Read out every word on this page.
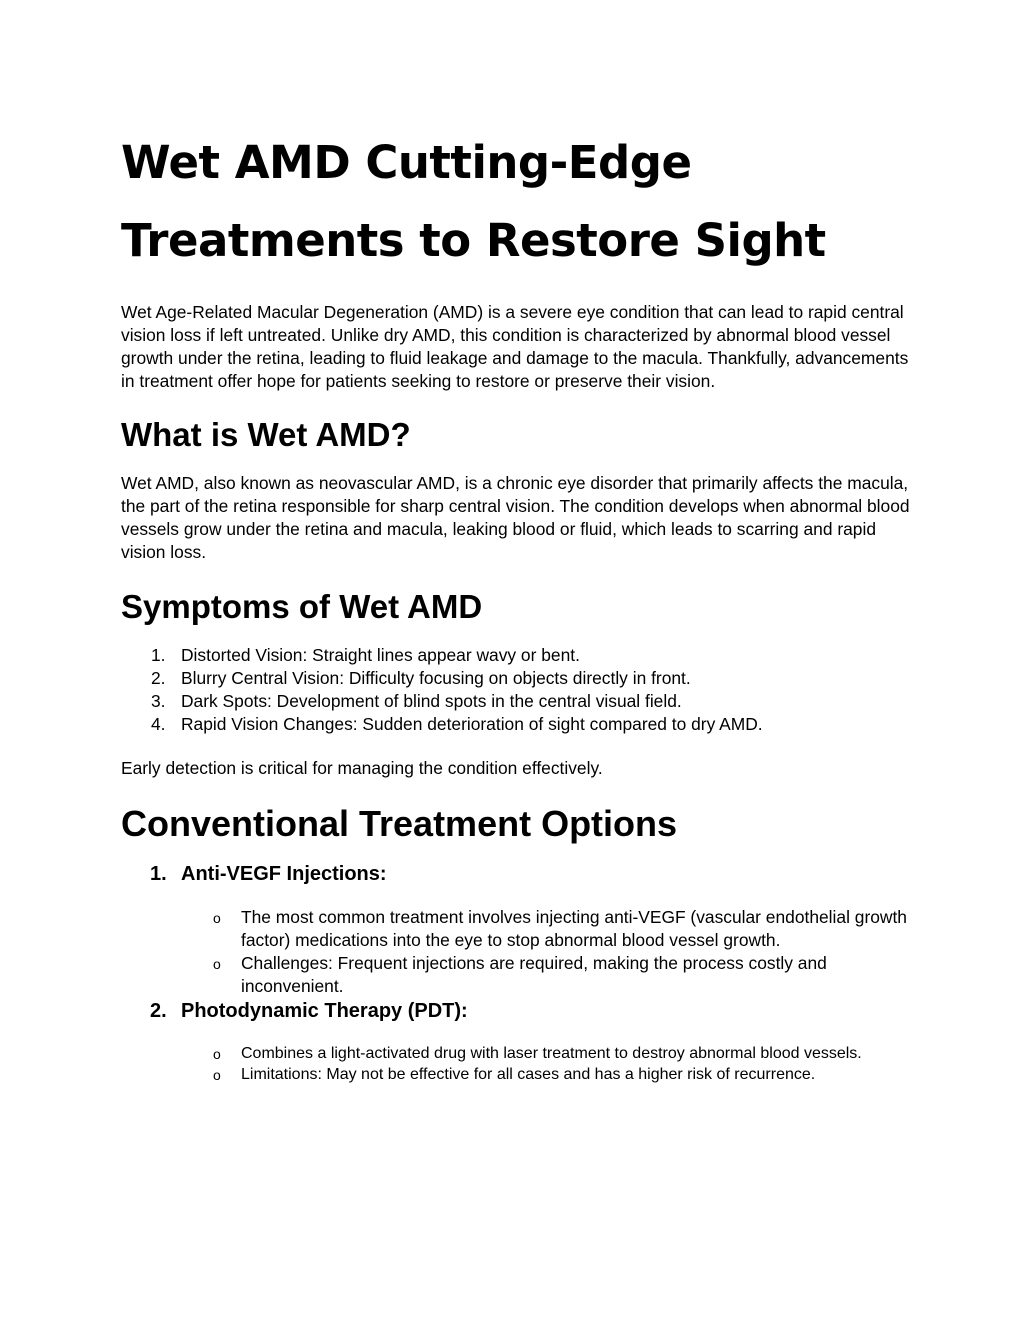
Wet AMD Cutting-Edge
Treatments to Restore Sight

Wet Age-Related Macular Degeneration (AMD) is a severe eye condition that can lead to rapid central vision loss if left untreated. Unlike dry AMD, this condition is characterized by abnormal blood vessel growth under the retina, leading to fluid leakage and damage to the macula. Thankfully, advancements in treatment offer hope for patients seeking to restore or preserve their vision.

What is Wet AMD?

Wet AMD, also known as neovascular AMD, is a chronic eye disorder that primarily affects the macula, the part of the retina responsible for sharp central vision. The condition develops when abnormal blood vessels grow under the retina and macula, leaking blood or fluid, which leads to scarring and rapid vision loss.

Symptoms of Wet AMD
1. Distorted Vision: Straight lines appear wavy or bent.
2. Blurry Central Vision: Difficulty focusing on objects directly in front.
3. Dark Spots: Development of blind spots in the central visual field.
4. Rapid Vision Changes: Sudden deterioration of sight compared to dry AMD.

Early detection is critical for managing the condition effectively.

Conventional Treatment Options
1. Anti-VEGF Injections:
o The most common treatment involves injecting anti-VEGF (vascular endothelial growth factor) medications into the eye to stop abnormal blood vessel growth.
o Challenges: Frequent injections are required, making the process costly and inconvenient.
2. Photodynamic Therapy (PDT):
o Combines a light-activated drug with laser treatment to destroy abnormal blood vessels.
o Limitations: May not be effective for all cases and has a higher risk of recurrence.
